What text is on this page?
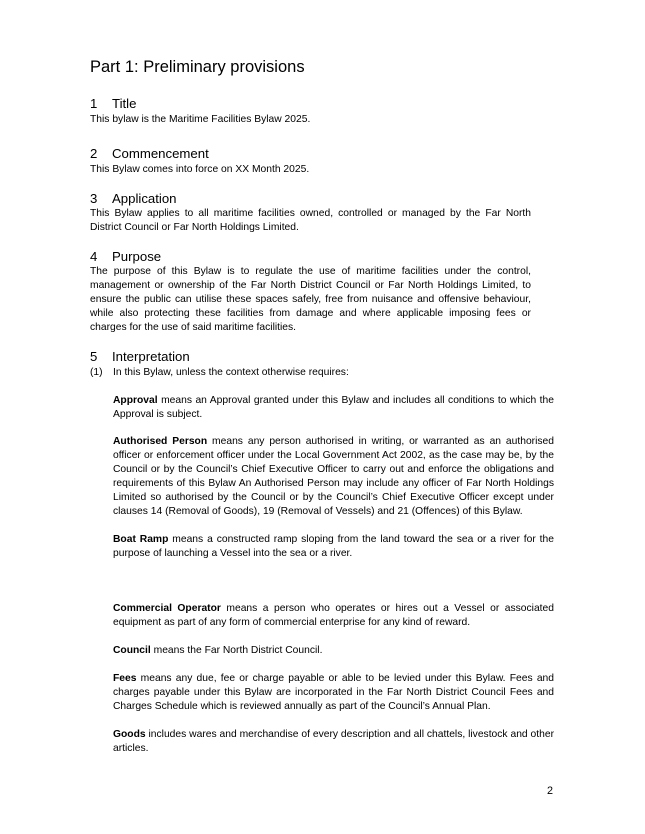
Part 1: Preliminary provisions
1 Title

This bylaw is the Maritime Facilities Bylaw 2025.

2 Commencement

This Bylaw comes into force on XX Month 2025.

3 Application

This Bylaw applies to all maritime facilities owned, controlled or managed by the Far North District Council or Far North Holdings Limited.

4 Purpose

The purpose of this Bylaw is to regulate the use of maritime facilities under the control, management or ownership of the Far North District Council or Far North Holdings Limited, to ensure the public can utilise these spaces safely, free from nuisance and offensive behaviour, while also protecting these facilities from damage and where applicable imposing fees or charges for the use of said maritime facilities.

5 Interpretation

(1) In this Bylaw, unless the context otherwise requires:

Approval means an Approval granted under this Bylaw and includes all conditions to which the Approval is subject.

Authorised Person means any person authorised in writing, or warranted as an authorised officer or enforcement officer under the Local Government Act 2002, as the case may be, by the Council or by the Council’s Chief Executive Officer to carry out and enforce the obligations and requirements of this Bylaw An Authorised Person may include any officer of Far North Holdings Limited so authorised by the Council or by the Council’s Chief Executive Officer except under clauses 14 (Removal of Goods), 19 (Removal of Vessels) and 21 (Offences) of this Bylaw.

Boat Ramp means a constructed ramp sloping from the land toward the sea or a river for the purpose of launching a Vessel into the sea or a river.

Commercial Operator means a person who operates or hires out a Vessel or associated equipment as part of any form of commercial enterprise for any kind of reward.

Council means the Far North District Council.

Fees means any due, fee or charge payable or able to be levied under this Bylaw. Fees and charges payable under this Bylaw are incorporated in the Far North District Council Fees and Charges Schedule which is reviewed annually as part of the Council’s Annual Plan.

Goods includes wares and merchandise of every description and all chattels, livestock and other articles.

2
